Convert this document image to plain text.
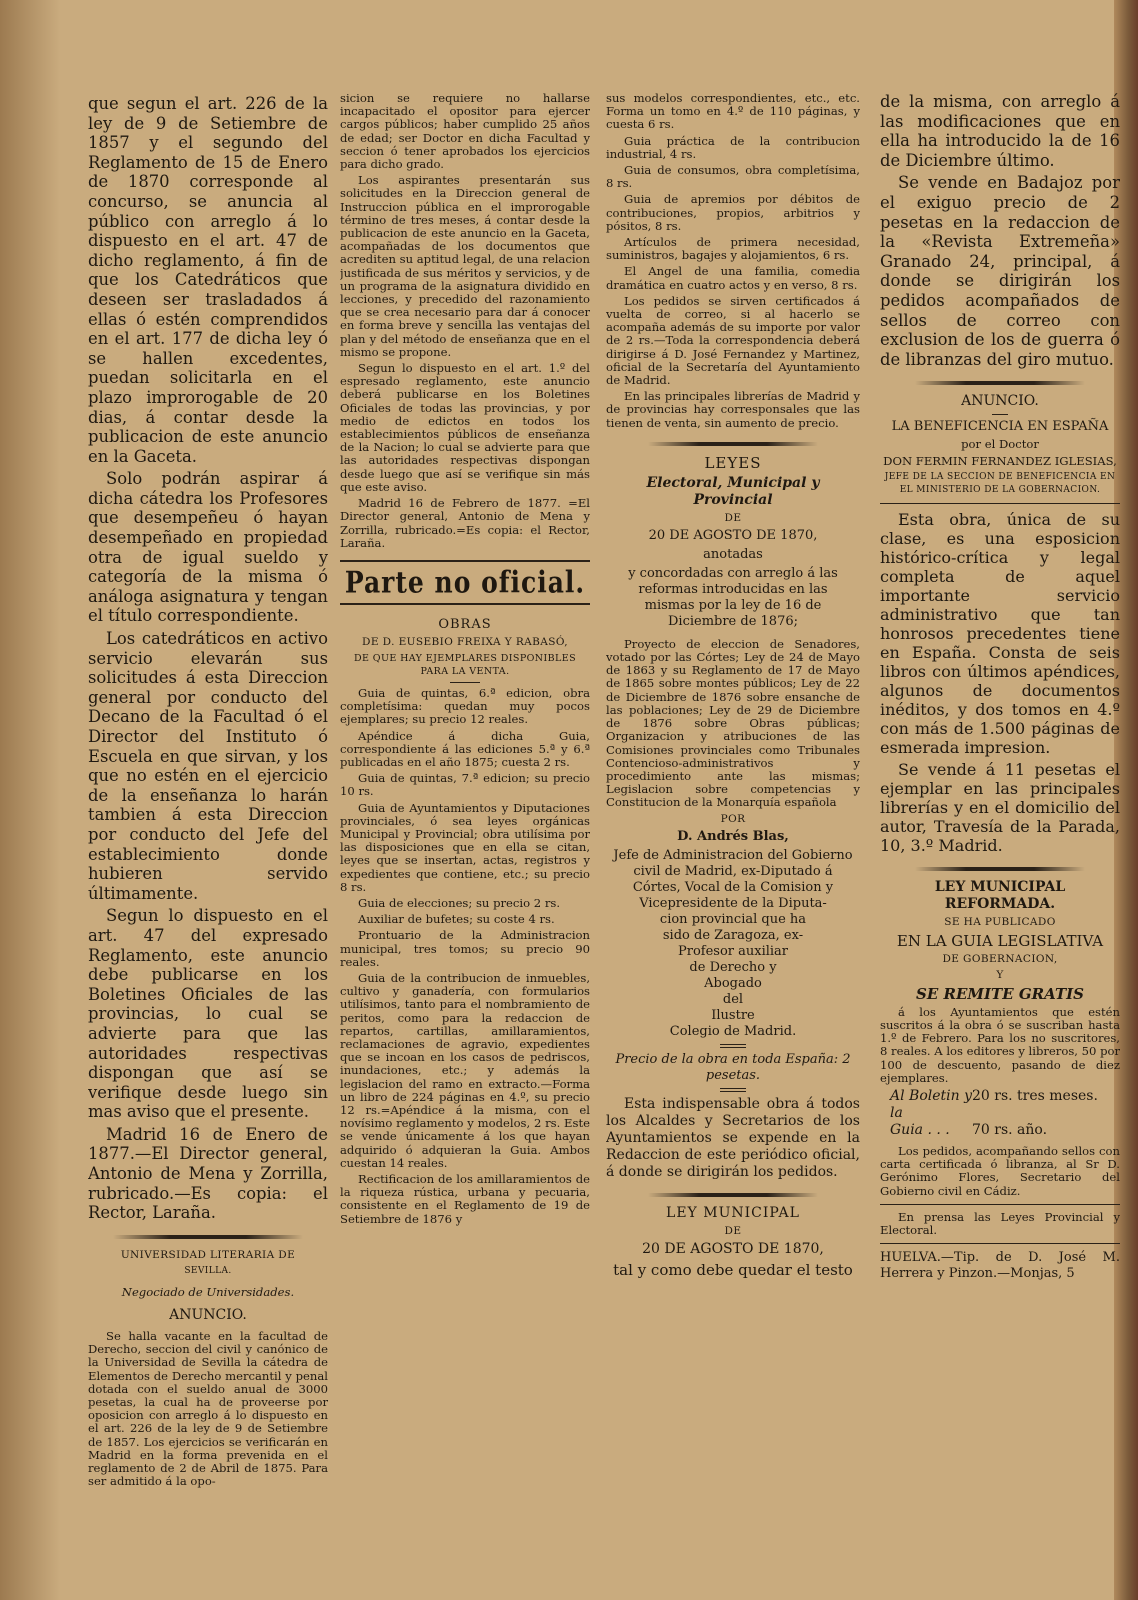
que segun el art. 226 de la ley de 9 de Setiembre de 1857 y el segundo del Reglamento de 15 de Enero de 1870 corresponde al concurso, se anuncia al público con arreglo á lo dispuesto en el art. 47 de dicho reglamento, á fin de que los Catedráticos que deseen ser trasladados á ellas ó estén comprendidos en el art. 177 de dicha ley ó se hallen excedentes, puedan solicitarla en el plazo improrogable de 20 dias, á contar desde la publicacion de este anuncio en la Gaceta.

Solo podrán aspirar á dicha cátedra los Profesores que desempeñeu ó hayan desempeñado en propiedad otra de igual sueldo y categoría de la misma ó análoga asignatura y tengan el título correspondiente.

Los catedráticos en activo servicio elevarán sus solicitudes á esta Direccion general por conducto del Decano de la Facultad ó el Director del Instituto ó Escuela en que sirvan, y los que no estén en el ejercicio de la enseñanza lo harán tambien á esta Direccion por conducto del Jefe del establecimiento donde hubieren servido últimamente.

Segun lo dispuesto en el art. 47 del expresado Reglamento, este anuncio debe publicarse en los Boletines Oficiales de las provincias, lo cual se advierte para que las autoridades respectivas dispongan que así se verifique desde luego sin mas aviso que el presente.

Madrid 16 de Enero de 1877.—El Director general, Antonio de Mena y Zorrilla, rubricado.—Es copia: el Rector, Laraña.

UNIVERSIDAD LITERARIA DE

SEVILLA.

Negociado de Universidades.

ANUNCIO.

Se halla vacante en la facultad de Derecho, seccion del civil y canónico de la Universidad de Sevilla la cátedra de Elementos de Derecho mercantil y penal dotada con el sueldo anual de 3000 pesetas, la cual ha de proveerse por oposicion con arreglo á lo dispuesto en el art. 226 de la ley de 9 de Setiembre de 1857. Los ejercicios se verificarán en Madrid en la forma prevenida en el reglamento de 2 de Abril de 1875. Para ser admitido á la opo-

sicion se requiere no hallarse incapacitado el opositor para ejercer cargos públicos; haber cumplido 25 años de edad; ser Doctor en dicha Facultad y seccion ó tener aprobados los ejercicios para dicho grado.

Los aspirantes presentarán sus solicitudes en la Direccion general de Instruccion pública en el improrogable término de tres meses, á contar desde la publicacion de este anuncio en la Gaceta, acompañadas de los documentos que acrediten su aptitud legal, de una relacion justificada de sus méritos y servicios, y de un programa de la asignatura dividido en lecciones, y precedido del razonamiento que se crea necesario para dar á conocer en forma breve y sencilla las ventajas del plan y del método de enseñanza que en el mismo se propone.

Segun lo dispuesto en el art. 1.º del espresado reglamento, este anuncio deberá publicarse en los Boletines Oficiales de todas las provincias, y por medio de edictos en todos los establecimientos públicos de enseñanza de la Nacion; lo cual se advierte para que las autoridades respectivas dispongan desde luego que así se verifique sin más que este aviso.

Madrid 16 de Febrero de 1877. =El Director general, Antonio de Mena y Zorrilla, rubricado.=Es copia: el Rector, Laraña.

Parte no oficial.

OBRAS

DE D. EUSEBIO FREIXA Y RABASÓ,

DE QUE HAY EJEMPLARES DISPONIBLES PARA LA VENTA.

Guia de quintas, 6.ª edicion, obra completísima: quedan muy pocos ejemplares; su precio 12 reales.

Apéndice á dicha Guia, correspondiente á las ediciones 5.ª y 6.ª publicadas en el año 1875; cuesta 2 rs.

Guia de quintas, 7.ª edicion; su precio 10 rs.

Guia de Ayuntamientos y Diputaciones provinciales, ó sea leyes orgánicas Municipal y Provincial; obra utilísima por las disposiciones que en ella se citan, leyes que se insertan, actas, registros y expedientes que contiene, etc.; su precio 8 rs.

Guia de elecciones; su precio 2 rs.

Auxiliar de bufetes; su coste 4 rs.

Prontuario de la Administracion municipal, tres tomos; su precio 90 reales.

Guia de la contribucion de inmuebles, cultivo y ganadería, con formularios utilísimos, tanto para el nombramiento de peritos, como para la redaccion de repartos, cartillas, amillaramientos, reclamaciones de agravio, expedientes que se incoan en los casos de pedriscos, inundaciones, etc.; y además la legislacion del ramo en extracto.—Forma un libro de 224 páginas en 4.º, su precio 12 rs.=Apéndice á la misma, con el novísimo reglamento y modelos, 2 rs. Este se vende únicamente á los que hayan adquirido ó adquieran la Guia. Ambos cuestan 14 reales.

Rectificacion de los amillaramientos de la riqueza rústica, urbana y pecuaria, consistente en el Reglamento de 19 de Setiembre de 1876 y

sus modelos correspondientes, etc., etc. Forma un tomo en 4.º de 110 páginas, y cuesta 6 rs.

Guia práctica de la contribucion industrial, 4 rs.

Guia de consumos, obra completísima, 8 rs.

Guia de apremios por débitos de contribuciones, propios, arbitrios y pósitos, 8 rs.

Artículos de primera necesidad, suministros, bagajes y alojamientos, 6 rs.

El Angel de una familia, comedia dramática en cuatro actos y en verso, 8 rs.

Los pedidos se sirven certificados á vuelta de correo, si al hacerlo se acompaña además de su importe por valor de 2 rs.—Toda la correspondencia deberá dirigirse á D. José Fernandez y Martinez, oficial de la Secretaría del Ayuntamiento de Madrid.

En las principales librerías de Madrid y de provincias hay corresponsales que las tienen de venta, sin aumento de precio.

LEYES

Electoral, Municipal y Provincial

DE

20 DE AGOSTO DE 1870,

anotadas

y concordadas con arreglo á las reformas introducidas en las mismas por la ley de 16 de Diciembre de 1876;

Proyecto de eleccion de Senadores, votado por las Córtes; Ley de 24 de Mayo de 1863 y su Reglamento de 17 de Mayo de 1865 sobre montes públicos; Ley de 22 de Diciembre de 1876 sobre ensanche de las poblaciones; Ley de 29 de Diciembre de 1876 sobre Obras públicas; Organizacion y atribuciones de las Comisiones provinciales como Tribunales Contencioso-administrativos y procedimiento ante las mismas; Legislacion sobre competencias y Constitucion de la Monarquía española

POR

D. Andrés Blas,

Jefe de Administracion del Gobierno

civil de Madrid, ex-Diputado á

Córtes, Vocal de la Comision y

Vicepresidente de la Diputa-

cion provincial que ha

sido de Zaragoza, ex-

Profesor auxiliar

de Derecho y

Abogado

del

Ilustre

Colegio de Madrid.

Precio de la obra en toda España: 2 pesetas.

Esta indispensable obra á todos los Alcaldes y Secretarios de los Ayuntamientos se expende en la Redaccion de este periódico oficial, á donde se dirigirán los pedidos.

LEY MUNICIPAL

DE

20 DE AGOSTO DE 1870,

tal y como debe quedar el testo

de la misma, con arreglo á las modificaciones que en ella ha introducido la de 16 de Diciembre último.

Se vende en Badajoz por el exiguo precio de 2 pesetas en la redaccion de la «Revista Extremeña» Granado 24, principal, á donde se dirigirán los pedidos acompañados de sellos de correo con exclusion de los de guerra ó de libranzas del giro mutuo.

ANUNCIO.

LA BENEFICENCIA EN ESPAÑA

por el Doctor

DON FERMIN FERNANDEZ IGLESIAS,

JEFE DE LA SECCION DE BENEFICENCIA EN EL MINISTERIO DE LA GOBERNACION.

Esta obra, única de su clase, es una esposicion histórico-crítica y legal completa de aquel importante servicio administrativo que tan honrosos precedentes tiene en España. Consta de seis libros con últimos apéndices, algunos de documentos inéditos, y dos tomos en 4.º con más de 1.500 páginas de esmerada impresion.

Se vende á 11 pesetas el ejemplar en las principales librerías y en el domicilio del autor, Travesía de la Parada, 10, 3.º Madrid.

LEY MUNICIPAL REFORMADA.

SE HA PUBLICADO

EN LA GUIA LEGISLATIVA

DE GOBERNACION,

Y

SE REMITE GRATIS

á los Ayuntamientos que estén suscritos á la obra ó se suscriban hasta 1.º de Febrero. Para los no suscritores, 8 reales. A los editores y libreros, 50 por 100 de descuento, pasando de diez ejemplares.

Al Boletin y la
20 rs. tres meses.
Guia . . .	70 rs. año.

Los pedidos, acompañando sellos con carta certificada ó libranza, al Sr D. Gerónimo Flores, Secretario del Gobierno civil en Cádiz.

En prensa las Leyes Provincial y Electoral.

HUELVA.—Tip. de D. José M. Herrera y Pinzon.—Monjas, 5
